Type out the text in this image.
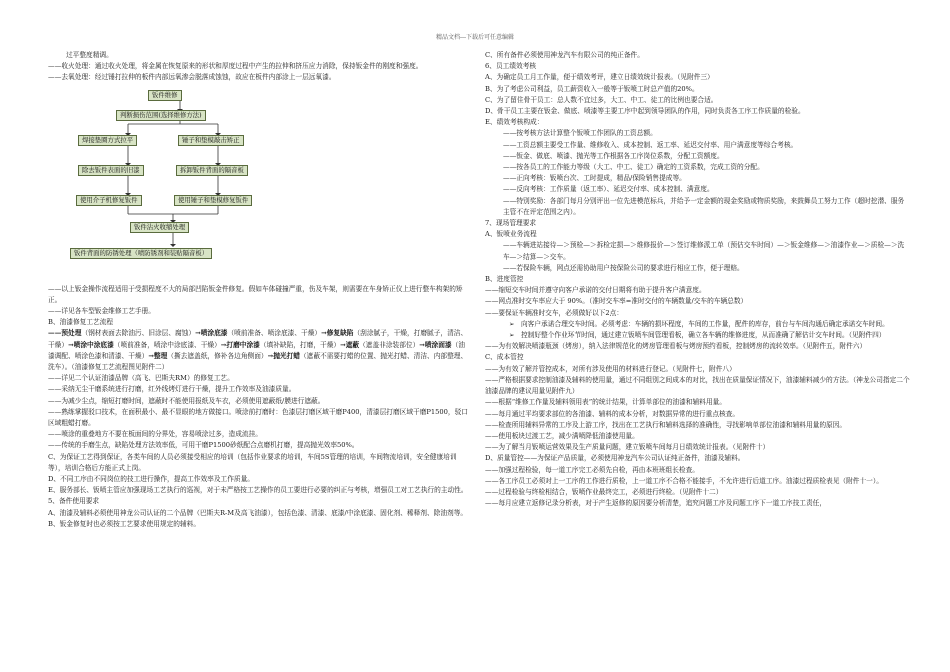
精品文档---下载后可任意编辑

过平整度精调。

——收火处理：通过收火处理，将金属在恢复原来的形状和厚度过程中产生的拉伸和挤压应力消除，保持钣金件的刚度和强度。

——去氧处理：经过锤打拉伸的板件内部远氧渗会脱落成蚀蚀，故应在板件内部涂上一层远氧漆。

钣件维修
判断损伤范围(选择维修方法)
焊接垫圈方式拉平	锤子和垫模敲击矫正
除去钣件表面的旧漆	拆卸钣件背面的隔音板
使用介子机修复钣件	使用锤子和垫模修复钣件
钣件沾火收缩处理
钣件背面的防锈处理（喷防锈剂和装贴隔音板）

——以上钣金操作流程适用于受损程度不大的局部凹陷钣金件修复。假如车体碰撞严重，伤及车架，则需要在车身矫正仪上进行整车构架的矫正。

——详见各车型钣金维修工艺手册。

B、油漆修复工艺流程

——预处理（钢材表面去除油污、旧涂层、腐蚀）→喷涂底漆（喷前准备、喷涂底漆、干燥）→修复缺陷（刮涂腻子，干燥，打磨腻子，清洁、干燥）→喷涂中涂底漆（喷前准备，喷涂中涂底漆、干燥）→打磨中涂漆（填补缺陷，打磨，干燥）→遮蔽（遮盖非涂装部位）→喷涂面漆（油漆调配、喷涂色漆和清漆、干燥）→整理（撕去遮盖纸，修补各边角侧面）→抛光打蜡（遮蔽不需要打蜡的位置、抛光打蜡、清洁、内部整理、洗车）。（油漆修复工艺流程图见附件二）

——详见二个认证油漆品牌（高飞、巴斯夫RM）的修复工艺。

——采纳无尘干磨系统进行打磨，红外线烤灯进行干燥，提升工作效率及油漆质量。

——为减少尘点，缩短打磨时间，遮蔽时不能使用报纸及车衣，必须使用遮蔽纸/膜进行遮蔽。

——熟练掌握驳口技术，在面积最小、最不显眼的地方做接口。喷涂前打磨时：色漆层打磨区域干磨P400，清漆层打磨区域干磨P1500，驳口区域粗蜡打磨。

——喷涂的重叠地方不要在板面间的分界处，容易喷涂过多，造成流挂。

——传统的手磨生点，缺陷处理方法效率低，可用干磨P1500砂纸配合点磨机打磨，提高抛光效率50%。

C、为保证工艺得到保证，各类车间的人员必须接受相应的培训（包括作业要求的培训，车间5S管理的培训，车间物流培训，安全健康培训等），培训合格后方能正式上岗。

D、不同工序由不同岗位的技工进行操作，提高工作效率及工作质量。

E、服务部长、钣喷主管应加强现场工艺执行的巡视，对于未严格按工艺操作的员工要进行必要的纠正与考核，增强员工对工艺执行的主动性。

5、备件使用要求

A、油漆及辅料必须使用神龙公司认证的二个品牌（巴斯夫R-M及高飞油漆），包括色漆、清漆、底漆/中涂底漆、固化剂、稀释剂、除油剂等。

B、钣金修复时也必须按工艺要求使用规定的辅料。

C、所有备件必须使用神龙汽车有限公司的纯正备件。

6、员工绩效考核

A、为确定员工月工作量，便于绩效考评，建立日绩效统计报表。（见附件三）

B、为了考虑公司利益，员工薪资收入一般等于钣喷工时总产值的20%。

C、为了留住骨干员工：总人数不宜过多，大工、中工、徒工的比例也要合适。

D、骨干员工主要在钣金、做底、喷漆等主要工序中起到领导团队的作用，同时负责各工序工作质量的检验。

E、绩效考核构成：

——按考核方法计算整个钣喷工作团队的工资总额。

——工资总额主要受工作量、维修收入、成本控制、返工率、延迟交付率、用户满意度等综合考核。

——钣金、做底、喷漆、抛光等工作根据各工序岗位系数，分配工资额度。

——按各员工的工作能力等级（大工、中工、徒工）确定的工资系数，完成工资的分配。

——正向考核：钣喷台次、工时提成，精品/保险销售提成等。

——反向考核：工作质量（返工率）、延迟交付率、成本控制、满意度。

——特别奖励：各部门每月分别评出一位先进模范标兵，并给予一定金额的现金奖励或物质奖励，来鼓舞员工努力工作（超时挖潜、服务主管不在评定范围之内）。

7、现场管理要求

A、钣喷业务流程

——车辆进站接待—＞预检—＞拆检定损—＞维修报价—＞签订维修派工单（预估交车时间）—＞钣金维修—＞油漆作业—＞质检—＞洗车—＞结算—＞交车。

——若保险车辆，网点还需协助用户按保险公司的要求进行相应工作，便于理赔。

B、进度管控

——缩短交车时间并遵守向客户承诺的交付日期将有助于提升客户满意度。

——网点准时交车率应大于 90%。（准时交车率=准时交付的车辆数量/交车的车辆总数）

——要保证车辆准时交车，必须做好以下2点：

➢ 向客户承诺合理交车时间。必须考虑：车辆的损坏程度，车间的工作量，配件的库存，前台与车间沟通后确定承诺交车时间。
➢ 控制好整个作业环节时间，通过建立钣喷车间管理看板，确立各车辆的维修进度，从而准确了解估计交车时间。（见附件四）

——为有效解决喷漆瓶颈（烤房），纳入法律规范化的烤房管理看板与烤房预约看板，控制烤房的流转效率。（见附件五，附件六）

C、成本管控

——为有效了解并管控成本，对所有涉及使用的材料进行登记。（见附件七，附件八）

——严格根据要求控制油漆及辅料的使用量，通过不同组别之间成本的对比，找出在质量保证情况下，油漆辅料减少的方法。（神龙公司指定二个油漆品牌的建议用量见附件九）

——根据“维修工作量及辅料领用表”的统计结果，计算单部位的油漆和辅料用量。

——每月通过平均要求部位的各油漆、辅料的成本分析，对数据异常的进行重点核查。

——检查所用辅料异常的工序及上游工序，找出在工艺执行和辅料选择的准确性，寻找影响单部位油漆和辅料用量的原因。

——使用板块过渡工艺，减少满喷降低油漆使用量。

——为了解当月钣喷运营效果及生产质量问题，建立钣喷车间每月日绩效统计报表。（见附件十）

D、质量管控——为保证产品质量，必须使用神龙汽车公司认证纯正备件，油漆及辅料。

——加强过程检验，每一道工序完工必须先自检，再由本班班组长检查。

——各工序员工必须对上一工序的工作进行质检，上一道工序不合格不能接手，不允许进行后道工序。油漆过程质检表见（附件十一）。

——过程检验与终检相结合，钣喷作业最终完工，必须进行终检。（见附件十二）

——每月应建立返修记录分析表，对于产生返修的原因要分析清楚，追究问题工序及问题工序下一道工序技工责任，
